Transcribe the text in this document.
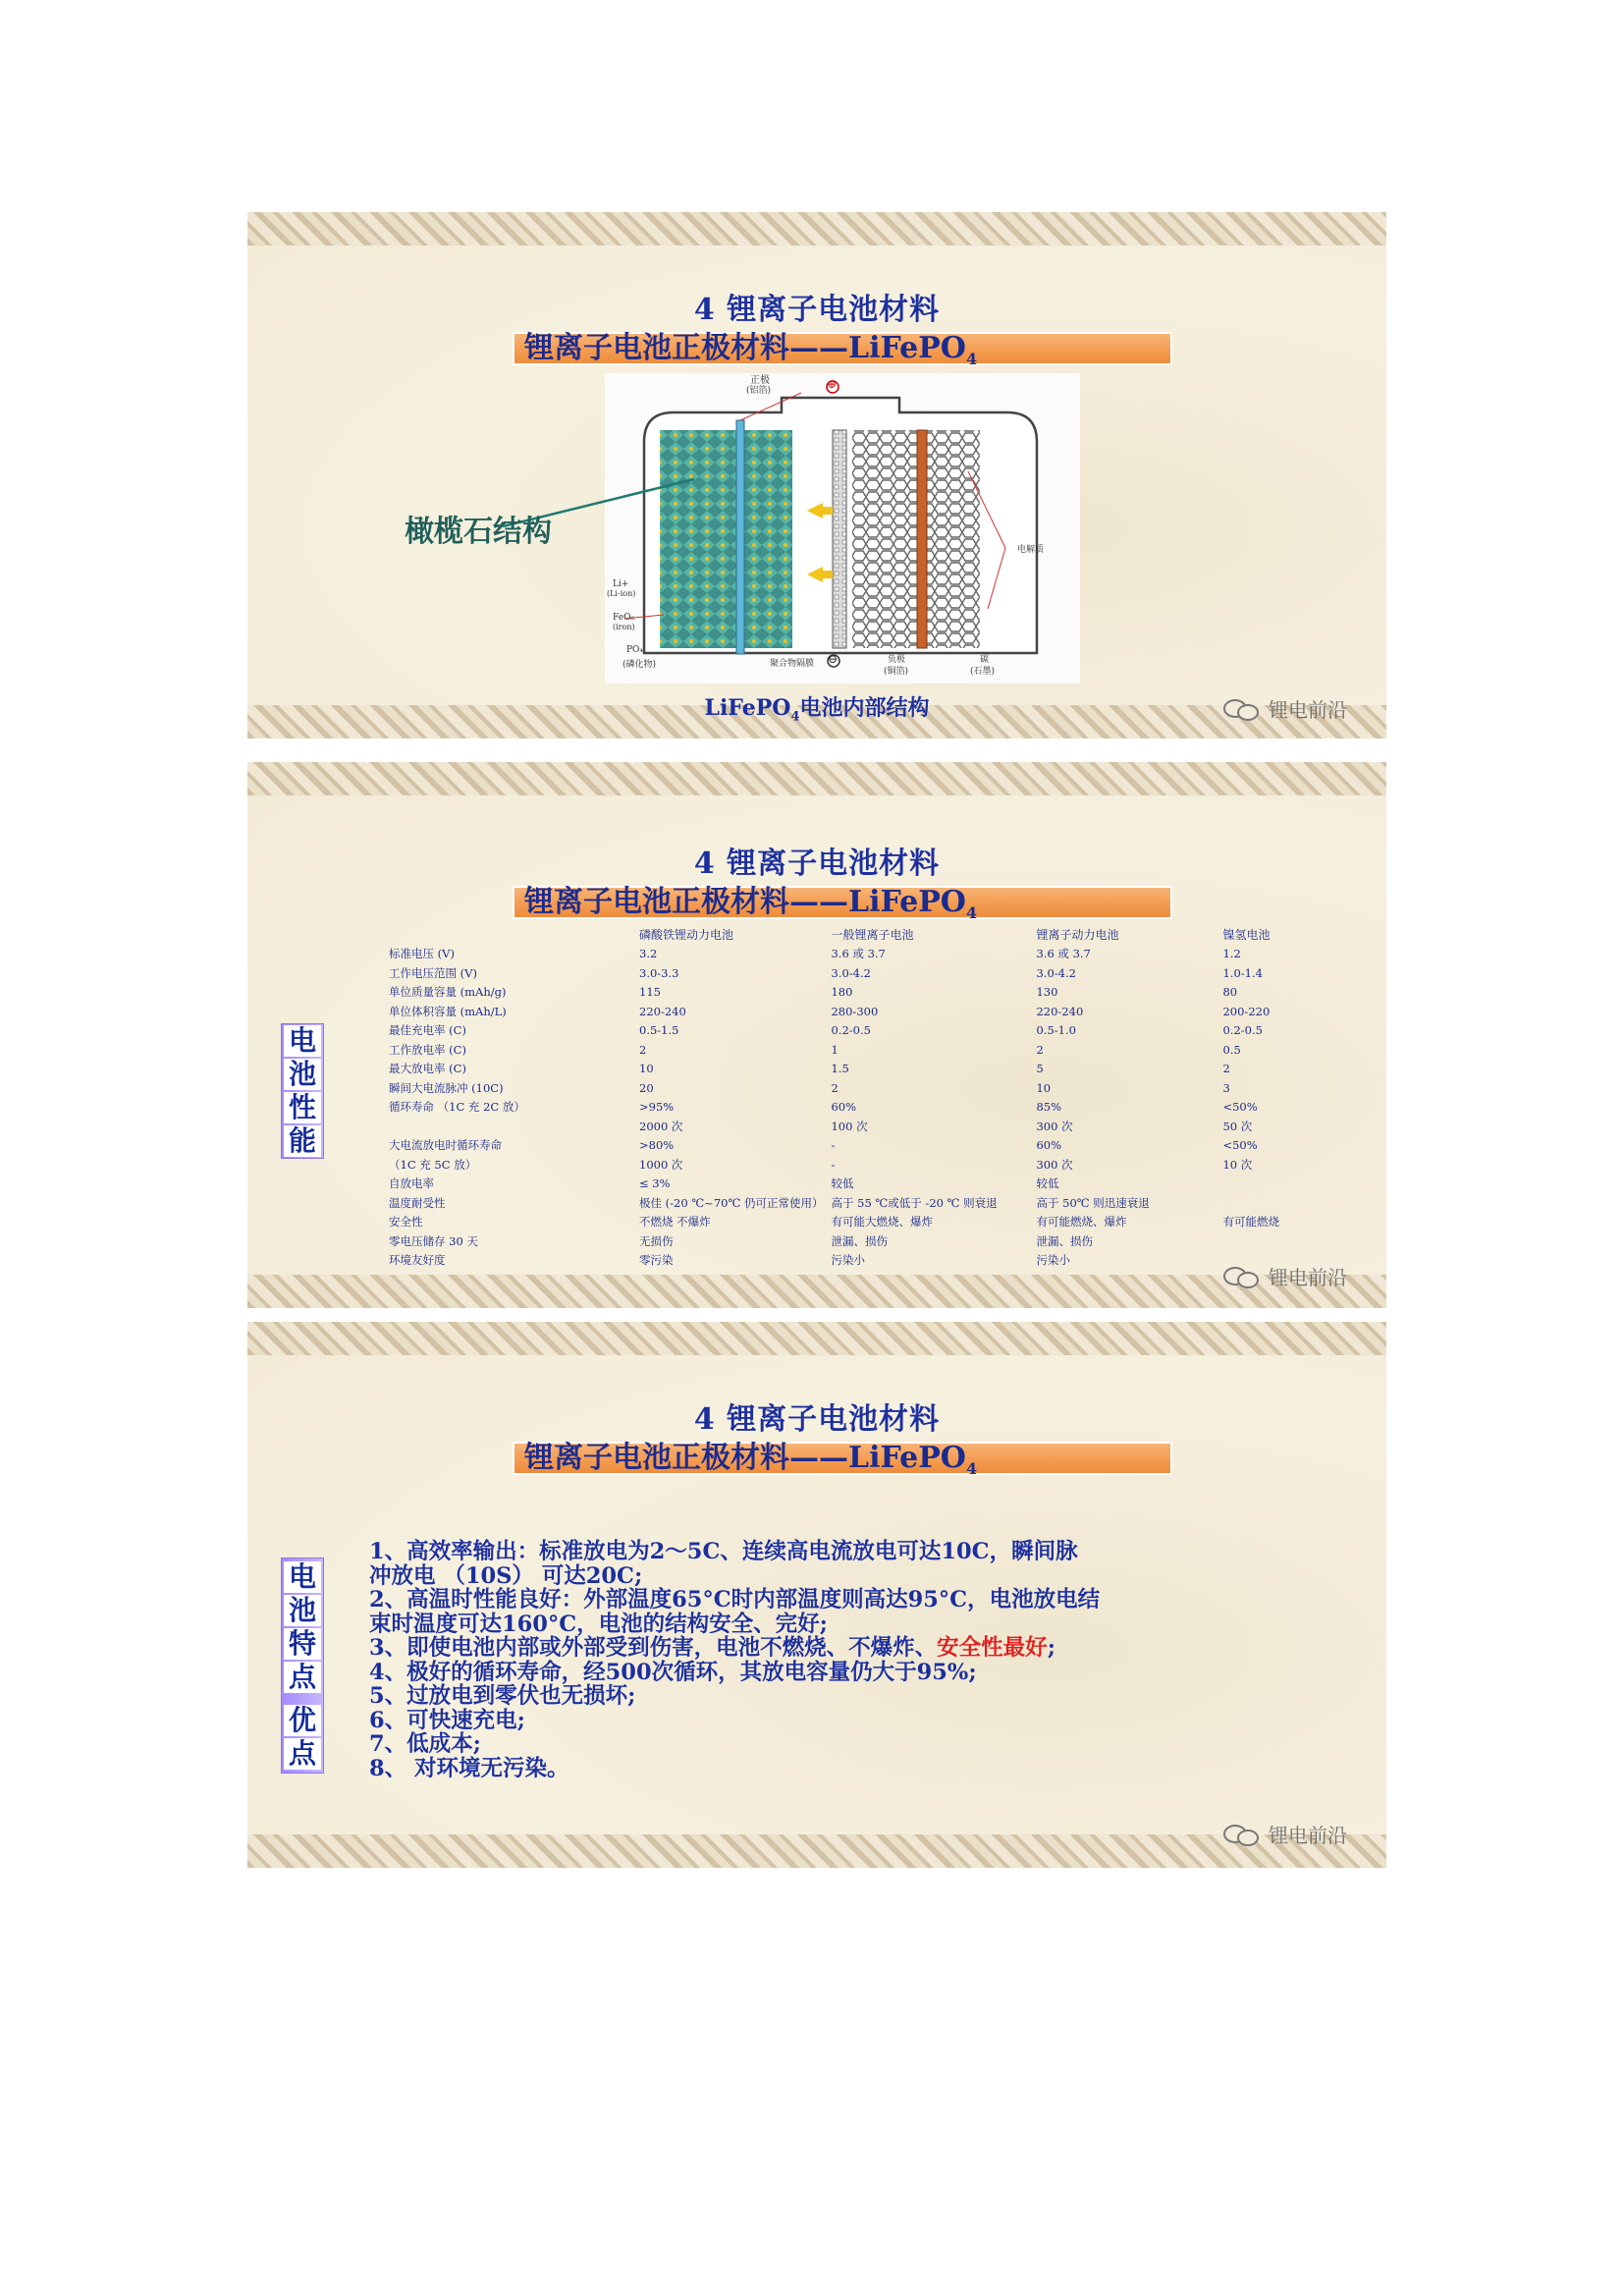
4 锂离子电池材料
锂离子电池正极材料——LiFePO$_4$
正极
(铝箔)	⊕
Li+
(Li-ion)
FeO₆
(iron)
PO₄
(磷化物)	聚合物隔膜 ⊖	负极
(铜箔)
碳
(石墨)
电解质
橄榄石结构
LiFePO$_4$电池内部结构	锂电前沿
4 锂离子电池材料
锂离子电池正极材料——LiFePO$_4$
电
池
性
能
	磷酸铁锂动力电池	一般锂离子电池	锂离子动力电池	镍氢电池
标准电压 (V)	3.2	3.6 或 3.7	3.6 或 3.7	1.2
工作电压范围 (V)	3.0-3.3	3.0-4.2	3.0-4.2	1.0-1.4
单位质量容量 (mAh/g)	115	180	130	80
单位体积容量 (mAh/L)	220-240	280-300	220-240	200-220
最佳充电率 (C)	0.5-1.5	0.2-0.5	0.5-1.0	0.2-0.5
工作放电率 (C)	2	1	2	0.5
最大放电率 (C)	10	1.5	5	2
瞬间大电流脉冲 (10C)	20	2	10	3
循环寿命 （1C 充 2C 放）	>95%	60%	85%	<50%
	2000 次	100 次	300 次	50 次
大电流放电时循环寿命	>80%	-	60%	<50%
（1C 充 5C 放）	1000 次	-	300 次	10 次
自放电率	≤ 3%	较低	较低	
温度耐受性	极佳 (-20 ℃~70℃ 仍可正常使用）	高于 55 ℃或低于 -20 ℃ 则衰退	高于 50℃ 则迅速衰退	
安全性	不燃烧 不爆炸	有可能大燃烧、爆炸	有可能燃烧、爆炸	有可能燃烧
零电压储存 30 天	无损伤	泄漏、损伤	泄漏、损伤	
环境友好度	零污染	污染小	污染小	
锂电前沿
4 锂离子电池材料
锂离子电池正极材料——LiFePO$_4$
电
池
特
点
优
点
1、高效率输出：标准放电为2～5C、连续高电流放电可达10C，瞬间脉
冲放电 （10S） 可达20C;
2、高温时性能良好：外部温度65°C时内部温度则高达95°C，电池放电结
束时温度可达160°C，电池的结构安全、完好;
3、即使电池内部或外部受到伤害，电池不燃烧、不爆炸、安全性最好;
4、极好的循环寿命，经500次循环，其放电容量仍大于95%;
5、过放电到零伏也无损坏;
6、可快速充电;
7、低成本;
8、 对环境无污染。
锂电前沿
